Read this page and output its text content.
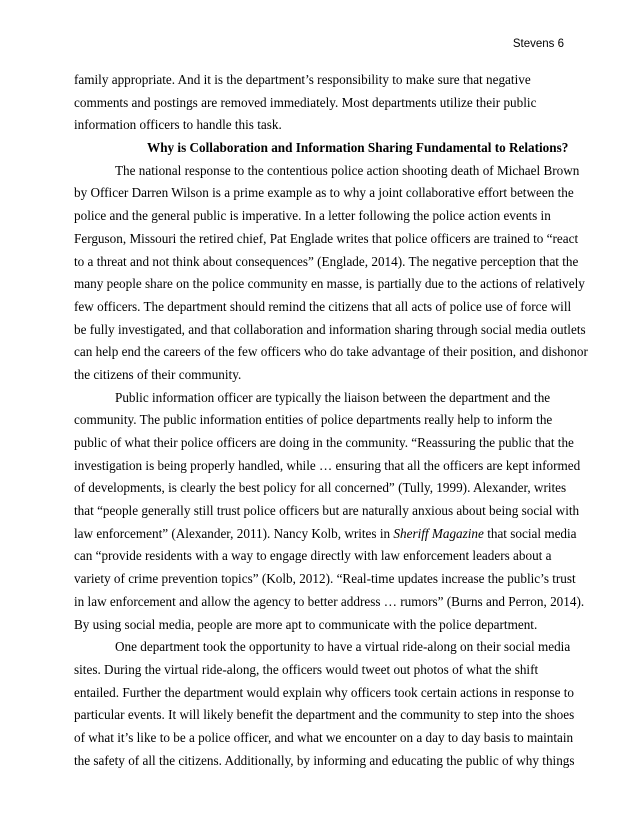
Stevens 6
family appropriate. And it is the department’s responsibility to make sure that negative
comments and postings are removed immediately. Most departments utilize their public
information officers to handle this task.
Why is Collaboration and Information Sharing Fundamental to Relations?
The national response to the contentious police action shooting death of Michael Brown
by Officer Darren Wilson is a prime example as to why a joint collaborative effort between the
police and the general public is imperative. In a letter following the police action events in
Ferguson, Missouri the retired chief, Pat Englade writes that police officers are trained to “react
to a threat and not think about consequences” (Englade, 2014). The negative perception that the
many people share on the police community en masse, is partially due to the actions of relatively
few officers. The department should remind the citizens that all acts of police use of force will
be fully investigated, and that collaboration and information sharing through social media outlets
can help end the careers of the few officers who do take advantage of their position, and dishonor
the citizens of their community.
Public information officer are typically the liaison between the department and the
community. The public information entities of police departments really help to inform the
public of what their police officers are doing in the community. “Reassuring the public that the
investigation is being properly handled, while … ensuring that all the officers are kept informed
of developments, is clearly the best policy for all concerned” (Tully, 1999). Alexander, writes
that “people generally still trust police officers but are naturally anxious about being social with
law enforcement” (Alexander, 2011). Nancy Kolb, writes in Sheriff Magazine that social media
can “provide residents with a way to engage directly with law enforcement leaders about a
variety of crime prevention topics” (Kolb, 2012). “Real-time updates increase the public’s trust
in law enforcement and allow the agency to better address … rumors” (Burns and Perron, 2014).
By using social media, people are more apt to communicate with the police department.
One department took the opportunity to have a virtual ride-along on their social media
sites. During the virtual ride-along, the officers would tweet out photos of what the shift
entailed. Further the department would explain why officers took certain actions in response to
particular events. It will likely benefit the department and the community to step into the shoes
of what it’s like to be a police officer, and what we encounter on a day to day basis to maintain
the safety of all the citizens. Additionally, by informing and educating the public of why things
